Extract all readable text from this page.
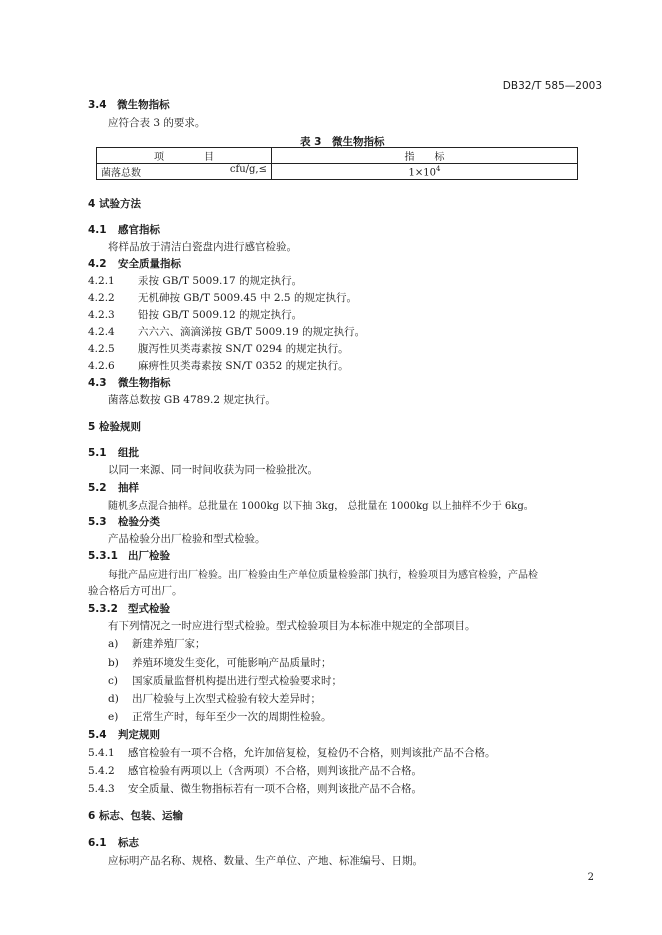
DB32/T 585—2003
3.4　微生物指标
应符合表 3 的要求。
表 3　微生物指标
项　　　　目	指　　标
菌落总数 cfu/g,≤	$1\times 10^4$
4 试验方法
4.1 感官指标
将样品放于清洁白瓷盘内进行感官检验。
4.2 安全质量指标
4.2.1 汞按 GB/T 5009.17 的规定执行。
4.2.2 无机砷按 GB/T 5009.45 中 2.5 的规定执行。
4.2.3 铅按 GB/T 5009.12 的规定执行。
4.2.4 六六六、滴滴涕按 GB/T 5009.19 的规定执行。
4.2.5 腹泻性贝类毒素按 SN/T 0294 的规定执行。
4.2.6 麻痹性贝类毒素按 SN/T 0352 的规定执行。
4.3 微生物指标
菌落总数按 GB 4789.2 规定执行。
5 检验规则
5.1 组批
以同一来源、同一时间收获为同一检验批次。
5.2 抽样
随机多点混合抽样。总批量在 1000kg 以下抽 3kg， 总批量在 1000kg 以上抽样不少于 6kg。
5.3 检验分类
产品检验分出厂检验和型式检验。
5.3.1 出厂检验
每批产品应进行出厂检验。出厂检验由生产单位质量检验部门执行，检验项目为感官检验，产品检
验合格后方可出厂。
5.3.2 型式检验
有下列情况之一时应进行型式检验。型式检验项目为本标准中规定的全部项目。
a) 新建养殖厂家；
b) 养殖环境发生变化，可能影响产品质量时；
c) 国家质量监督机构提出进行型式检验要求时；
d) 出厂检验与上次型式检验有较大差异时；
e) 正常生产时，每年至少一次的周期性检验。
5.4 判定规则
5.4.1 感官检验有一项不合格，允许加倍复检，复检仍不合格，则判该批产品不合格。
5.4.2 感官检验有两项以上（含两项）不合格，则判该批产品不合格。
5.4.3 安全质量、微生物指标若有一项不合格，则判该批产品不合格。
6 标志、包装、运输
6.1 标志
应标明产品名称、规格、数量、生产单位、产地、标准编号、日期。
2
